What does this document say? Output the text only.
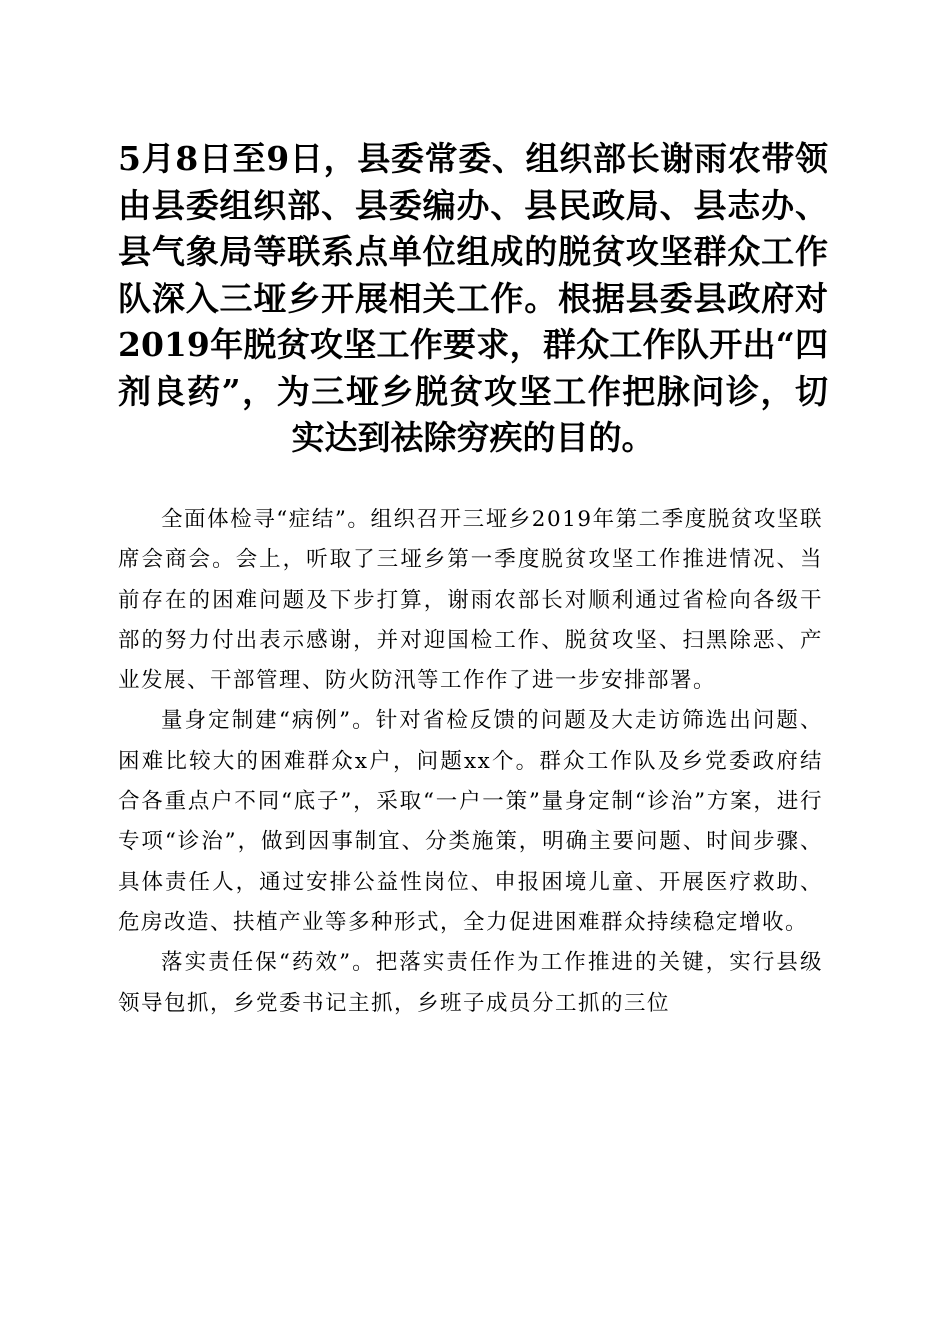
5月8日至9日，县委常委、组织部长谢雨农带领由县委组织部、县委编办、县民政局、县志办、县气象局等联系点单位组成的脱贫攻坚群众工作队深入三垭乡开展相关工作。根据县委县政府对2019年脱贫攻坚工作要求，群众工作队开出“四剂良药”，为三垭乡脱贫攻坚工作把脉问诊，切实达到祛除穷疾的目的。

全面体检寻“症结”。组织召开三垭乡2019年第二季度脱贫攻坚联席会商会。会上，听取了三垭乡第一季度脱贫攻坚工作推进情况、当前存在的困难问题及下步打算，谢雨农部长对顺利通过省检向各级干部的努力付出表示感谢，并对迎国检工作、脱贫攻坚、扫黑除恶、产业发展、干部管理、防火防汛等工作作了进一步安排部署。

量身定制建“病例”。针对省检反馈的问题及大走访筛选出问题、困难比较大的困难群众x户，问题xx个。群众工作队及乡党委政府结合各重点户不同“底子”，采取“一户一策”量身定制“诊治”方案，进行专项“诊治”，做到因事制宜、分类施策，明确主要问题、时间步骤、具体责任人，通过安排公益性岗位、申报困境儿童、开展医疗救助、危房改造、扶植产业等多种形式，全力促进困难群众持续稳定增收。

落实责任保“药效”。把落实责任作为工作推进的关键，实行县级领导包抓，乡党委书记主抓，乡班子成员分工抓的三位
